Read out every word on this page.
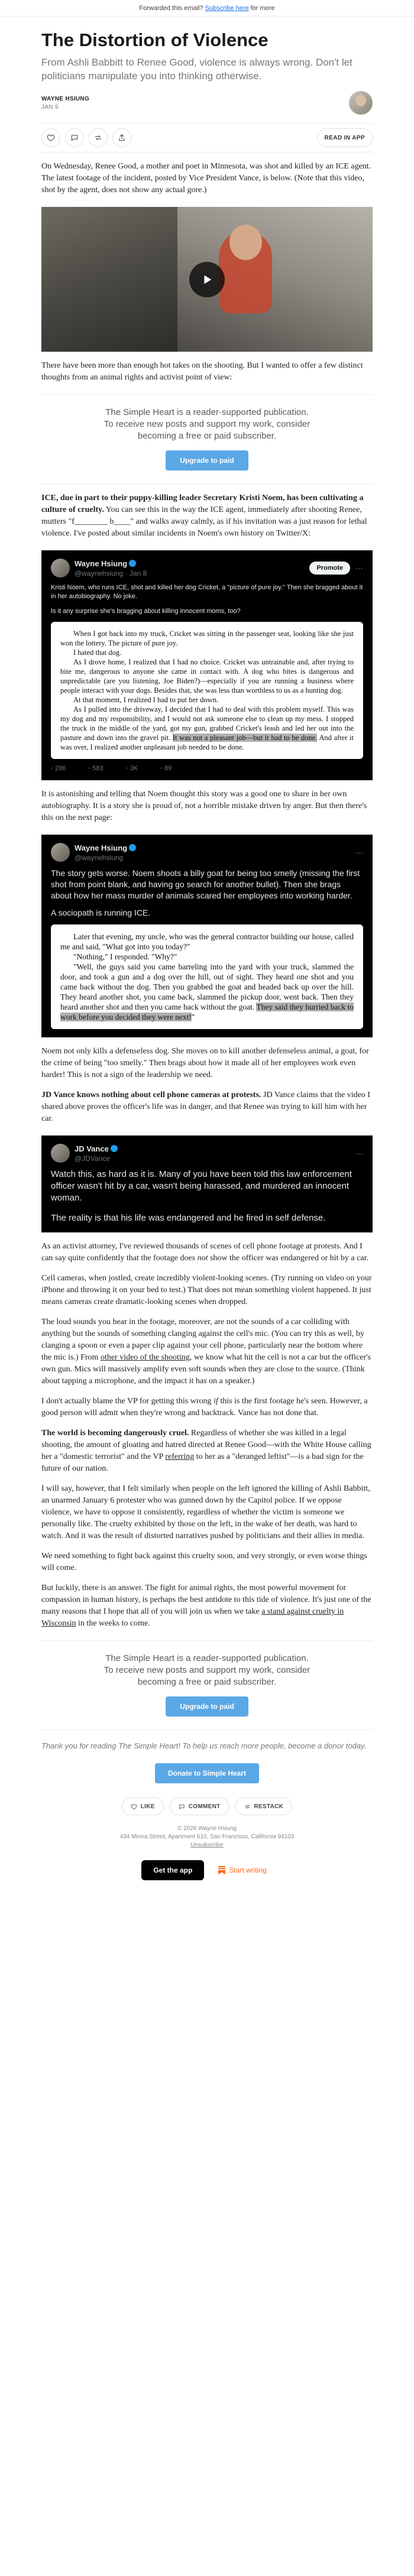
Forwarded this email? Subscribe here for more
The Distortion of Violence
From Ashli Babbitt to Renee Good, violence is always wrong. Don't let politicians manipulate you into thinking otherwise.
WAYNE HSIUNG
JAN 9
READ IN APP

On Wednesday, Renee Good, a mother and poet in Minnesota, was shot and killed by an ICE agent. The latest footage of the incident, posted by Vice President Vance, is below. (Note that this video, shot by the agent, does not show any actual gore.)

There have been more than enough hot takes on the shooting. But I wanted to offer a few distinct thoughts from an animal rights and activist point of view:

The Simple Heart is a reader-supported publication.
To receive new posts and support my work, consider
becoming a free or paid subscriber.
Upgrade to paid

ICE, due in part to their puppy-killing leader Secretary Kristi Noem, has been cultivating a culture of cruelty. You can see this in the way the ICE agent, immediately after shooting Renee, mutters "f________ b____" and walks away calmly, as if his invitation was a just reason for lethal violence. I've posted about similar incidents in Noem's own history on Twitter/X:

Wayne Hsiung
@waynehsiung · Jan 8
Promote	···
Kristi Noem, who runs ICE, shot and killed her dog Cricket, a "picture of pure joy." Then she bragged about it in her autobiography. No joke.
Is it any surprise she's bragging about killing innocent moms, too?

When I got back into my truck, Cricket was sitting in the passenger seat, looking like she just won the lottery. The picture of pure joy.

I hated that dog.

As I drove home, I realized that I had no choice. Cricket was untrainable and, after trying to bite me, dangerous to anyone she came in contact with. A dog who bites is dangerous and unpredictable (are you listening, Joe Biden?)—especially if you are running a business where people interact with your dogs. Besides that, she was less than worthless to us as a hunting dog.

At that moment, I realized I had to put her down.

As I pulled into the driveway, I decided that I had to deal with this problem myself. This was my dog and my responsibility, and I would not ask someone else to clean up my mess. I stopped the truck in the middle of the yard, got my gun, grabbed Cricket's leash and led her out into the pasture and down into the gravel pit. It was not a pleasant job—but it had to be done. And after it was over, I realized another unpleasant job needed to be done.

◦ 286	◦ 583	◦ 3K	◦ 89

It is astonishing and telling that Noem thought this story was a good one to share in her own autobiography. It is a story she is proud of, not a horrible mistake driven by anger. But then there's this on the next page:

Wayne Hsiung
@waynehsiung
···
The story gets worse. Noem shoots a billy goat for being too smelly (missing the first shot from point blank, and having go search for another bullet). Then she brags about how her mass murder of animals scared her employees into working harder.
A sociopath is running ICE.

Later that evening, my uncle, who was the general contractor building our house, called me and said, "What got into you today?"

"Nothing," I responded. "Why?"

"Well, the guys said you came barreling into the yard with your truck, slammed the door, and took a gun and a dog over the hill, out of sight. They heard one shot and you came back without the dog. Then you grabbed the goat and headed back up over the hill. They heard another shot, you came back, slammed the pickup door, went back. Then they heard another shot and then you came back without the goat. They said they hurried back to work before you decided they were next!"

Noem not only kills a defenseless dog. She moves on to kill another defenseless animal, a goat, for the crime of being "too smelly." Then brags about how it made all of her employees work even harder! This is not a sign of the leadership we need.

JD Vance knows nothing about cell phone cameras at protests. JD Vance claims that the video I shared above proves the officer's life was in danger, and that Renee was trying to kill him with her car.

JD Vance
@JDVance
···
Watch this, as hard as it is. Many of you have been told this law enforcement officer wasn't hit by a car, wasn't being harassed, and murdered an innocent woman.
The reality is that his life was endangered and he fired in self defense.

As an activist attorney, I've reviewed thousands of scenes of cell phone footage at protests. And I can say quite confidently that the footage does not show the officer was endangered or hit by a car.

Cell cameras, when jostled, create incredibly violent-looking scenes. (Try running on video on your iPhone and throwing it on your bed to test.) That does not mean something violent happened. It just means cameras create dramatic-looking scenes when dropped.

The loud sounds you hear in the footage, moreover, are not the sounds of a car colliding with anything but the sounds of something clanging against the cell's mic. (You can try this as well, by clanging a spoon or even a paper clip against your cell phone, particularly near the bottom where the mic is.) From other video of the shooting, we know what hit the cell is not a car but the officer's own gun. Mics will massively amplify even soft sounds when they are close to the source. (Think about tapping a microphone, and the impact it has on a speaker.)

I don't actually blame the VP for getting this wrong if this is the first footage he's seen. However, a good person will admit when they're wrong and backtrack. Vance has not done that.

The world is becoming dangerously cruel. Regardless of whether she was killed in a legal shooting, the amount of gloating and hatred directed at Renee Good—with the White House calling her a "domestic terrorist" and the VP referring to her as a "deranged leftist"—is a bad sign for the future of our nation.

I will say, however, that I felt similarly when people on the left ignored the killing of Ashli Babbitt, an unarmed January 6 protester who was gunned down by the Capitol police. If we oppose violence, we have to oppose it consistently, regardless of whether the victim is someone we personally like. The cruelty exhibited by those on the left, in the wake of her death, was hard to watch. And it was the result of distorted narratives pushed by politicians and their allies in media.

We need something to fight back against this cruelty soon, and very strongly, or even worse things will come.

But luckily, there is an answer. The fight for animal rights, the most powerful movement for compassion in human history, is perhaps the best antidote to this tide of violence. It's just one of the many reasons that I hope that all of you will join us when we take a stand against cruelty in Wisconsin in the weeks to come.

The Simple Heart is a reader-supported publication.
To receive new posts and support my work, consider
becoming a free or paid subscriber.
Upgrade to paid

Thank you for reading The Simple Heart! To help us reach more people, become a donor today.

Donate to Simple Heart
LIKE	COMMENT	RESTACK
© 2026 Wayne Hsiung
434 Minna Street, Apartment 610, San Francisco, California 94103
Unsubscribe
Get the app	Start writing
